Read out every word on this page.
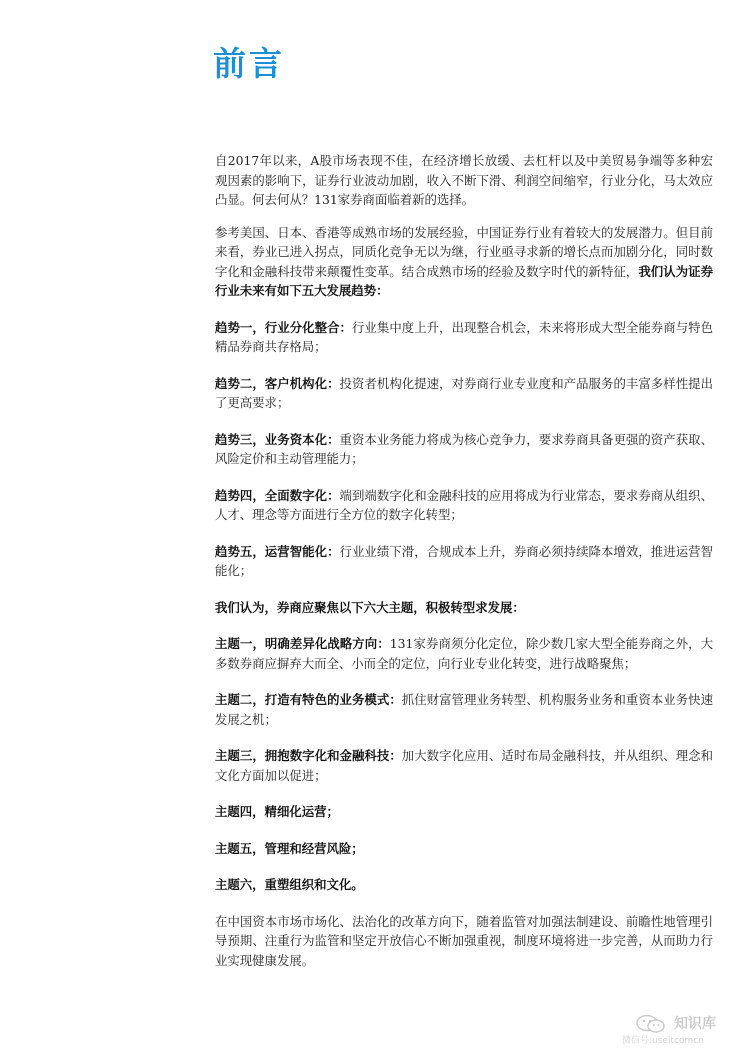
前言

自2017年以来，A股市场表现不佳，在经济增长放缓、去杠杆以及中美贸易争端等多种宏观因素的影响下，证券行业波动加剧，收入不断下滑、利润空间缩窄，行业分化，马太效应凸显。何去何从？131家券商面临着新的选择。

参考美国、日本、香港等成熟市场的发展经验，中国证券行业有着较大的发展潜力。但目前来看，券业已进入拐点，同质化竞争无以为继，行业亟寻求新的增长点而加剧分化，同时数字化和金融科技带来颠覆性变革。结合成熟市场的经验及数字时代的新特征，我们认为证券行业未来有如下五大发展趋势：

趋势一，行业分化整合：行业集中度上升，出现整合机会，未来将形成大型全能券商与特色精品券商共存格局；

趋势二，客户机构化：投资者机构化提速，对券商行业专业度和产品服务的丰富多样性提出了更高要求；

趋势三，业务资本化：重资本业务能力将成为核心竞争力，要求券商具备更强的资产获取、风险定价和主动管理能力；

趋势四，全面数字化：端到端数字化和金融科技的应用将成为行业常态，要求券商从组织、人才、理念等方面进行全方位的数字化转型；

趋势五，运营智能化：行业业绩下滑，合规成本上升，券商必须持续降本增效，推进运营智能化；

我们认为，券商应聚焦以下六大主题，积极转型求发展：

主题一，明确差异化战略方向：131家券商须分化定位，除少数几家大型全能券商之外，大多数券商应摒弃大而全、小而全的定位，向行业专业化转变，进行战略聚焦；

主题二，打造有特色的业务模式：抓住财富管理业务转型、机构服务业务和重资本业务快速发展之机；

主题三，拥抱数字化和金融科技：加大数字化应用、适时布局金融科技，并从组织、理念和文化方面加以促进；

主题四，精细化运营；

主题五，管理和经营风险；

主题六，重塑组织和文化。

在中国资本市场市场化、法治化的改革方向下，随着监管对加强法制建设、前瞻性地管理引导预期、注重行为监管和坚定开放信心不断加强重视，制度环境将进一步完善，从而助力行业实现健康发展。

知识库
微信号:useitcomcn
